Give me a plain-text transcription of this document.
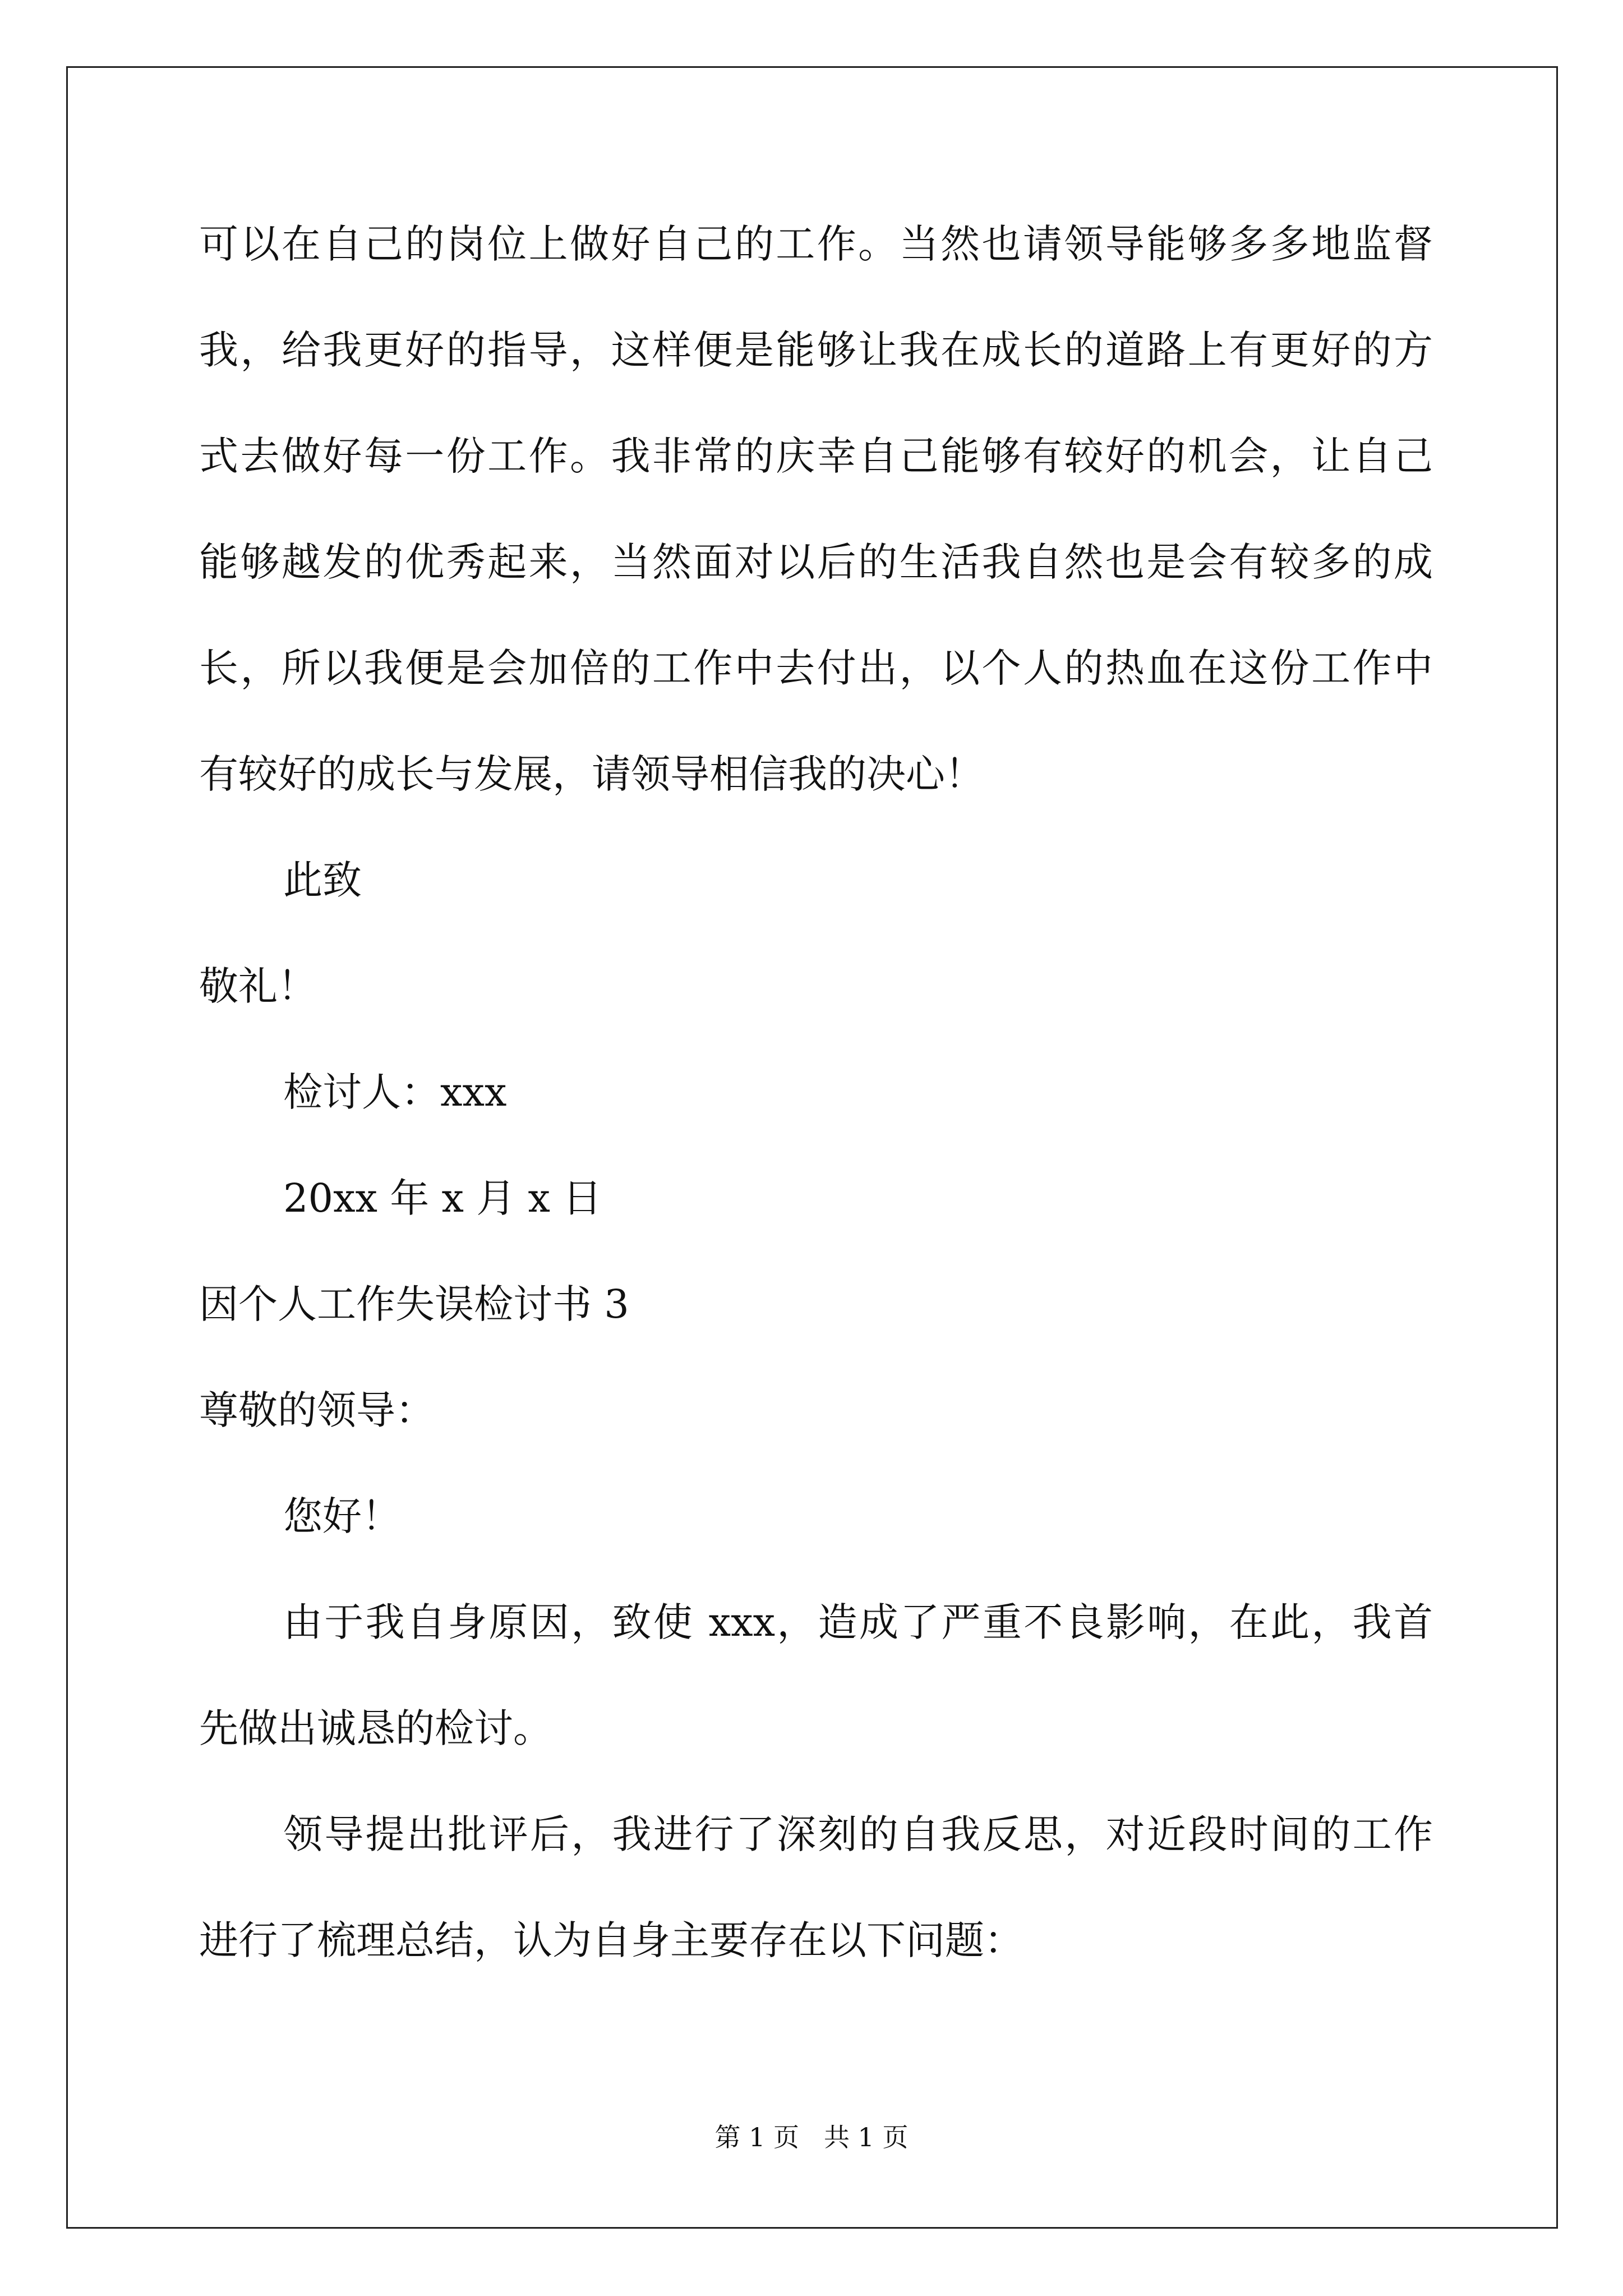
可以在自己的岗位上做好自己的工作。当然也请领导能够多多地监督
我，给我更好的指导，这样便是能够让我在成长的道路上有更好的方
式去做好每一份工作。我非常的庆幸自己能够有较好的机会，让自己
能够越发的优秀起来，当然面对以后的生活我自然也是会有较多的成
长，所以我便是会加倍的工作中去付出，以个人的热血在这份工作中
有较好的成长与发展，请领导相信我的决心！
此致
敬礼！
检讨人：xxx
20xx 年 x 月 x 日
因个人工作失误检讨书 3
尊敬的领导：
您好！
由于我自身原因，致使 xxx，造成了严重不良影响，在此，我首
先做出诚恳的检讨。
领导提出批评后，我进行了深刻的自我反思，对近段时间的工作
进行了梳理总结，认为自身主要存在以下问题：
第 1 页 共 1 页
